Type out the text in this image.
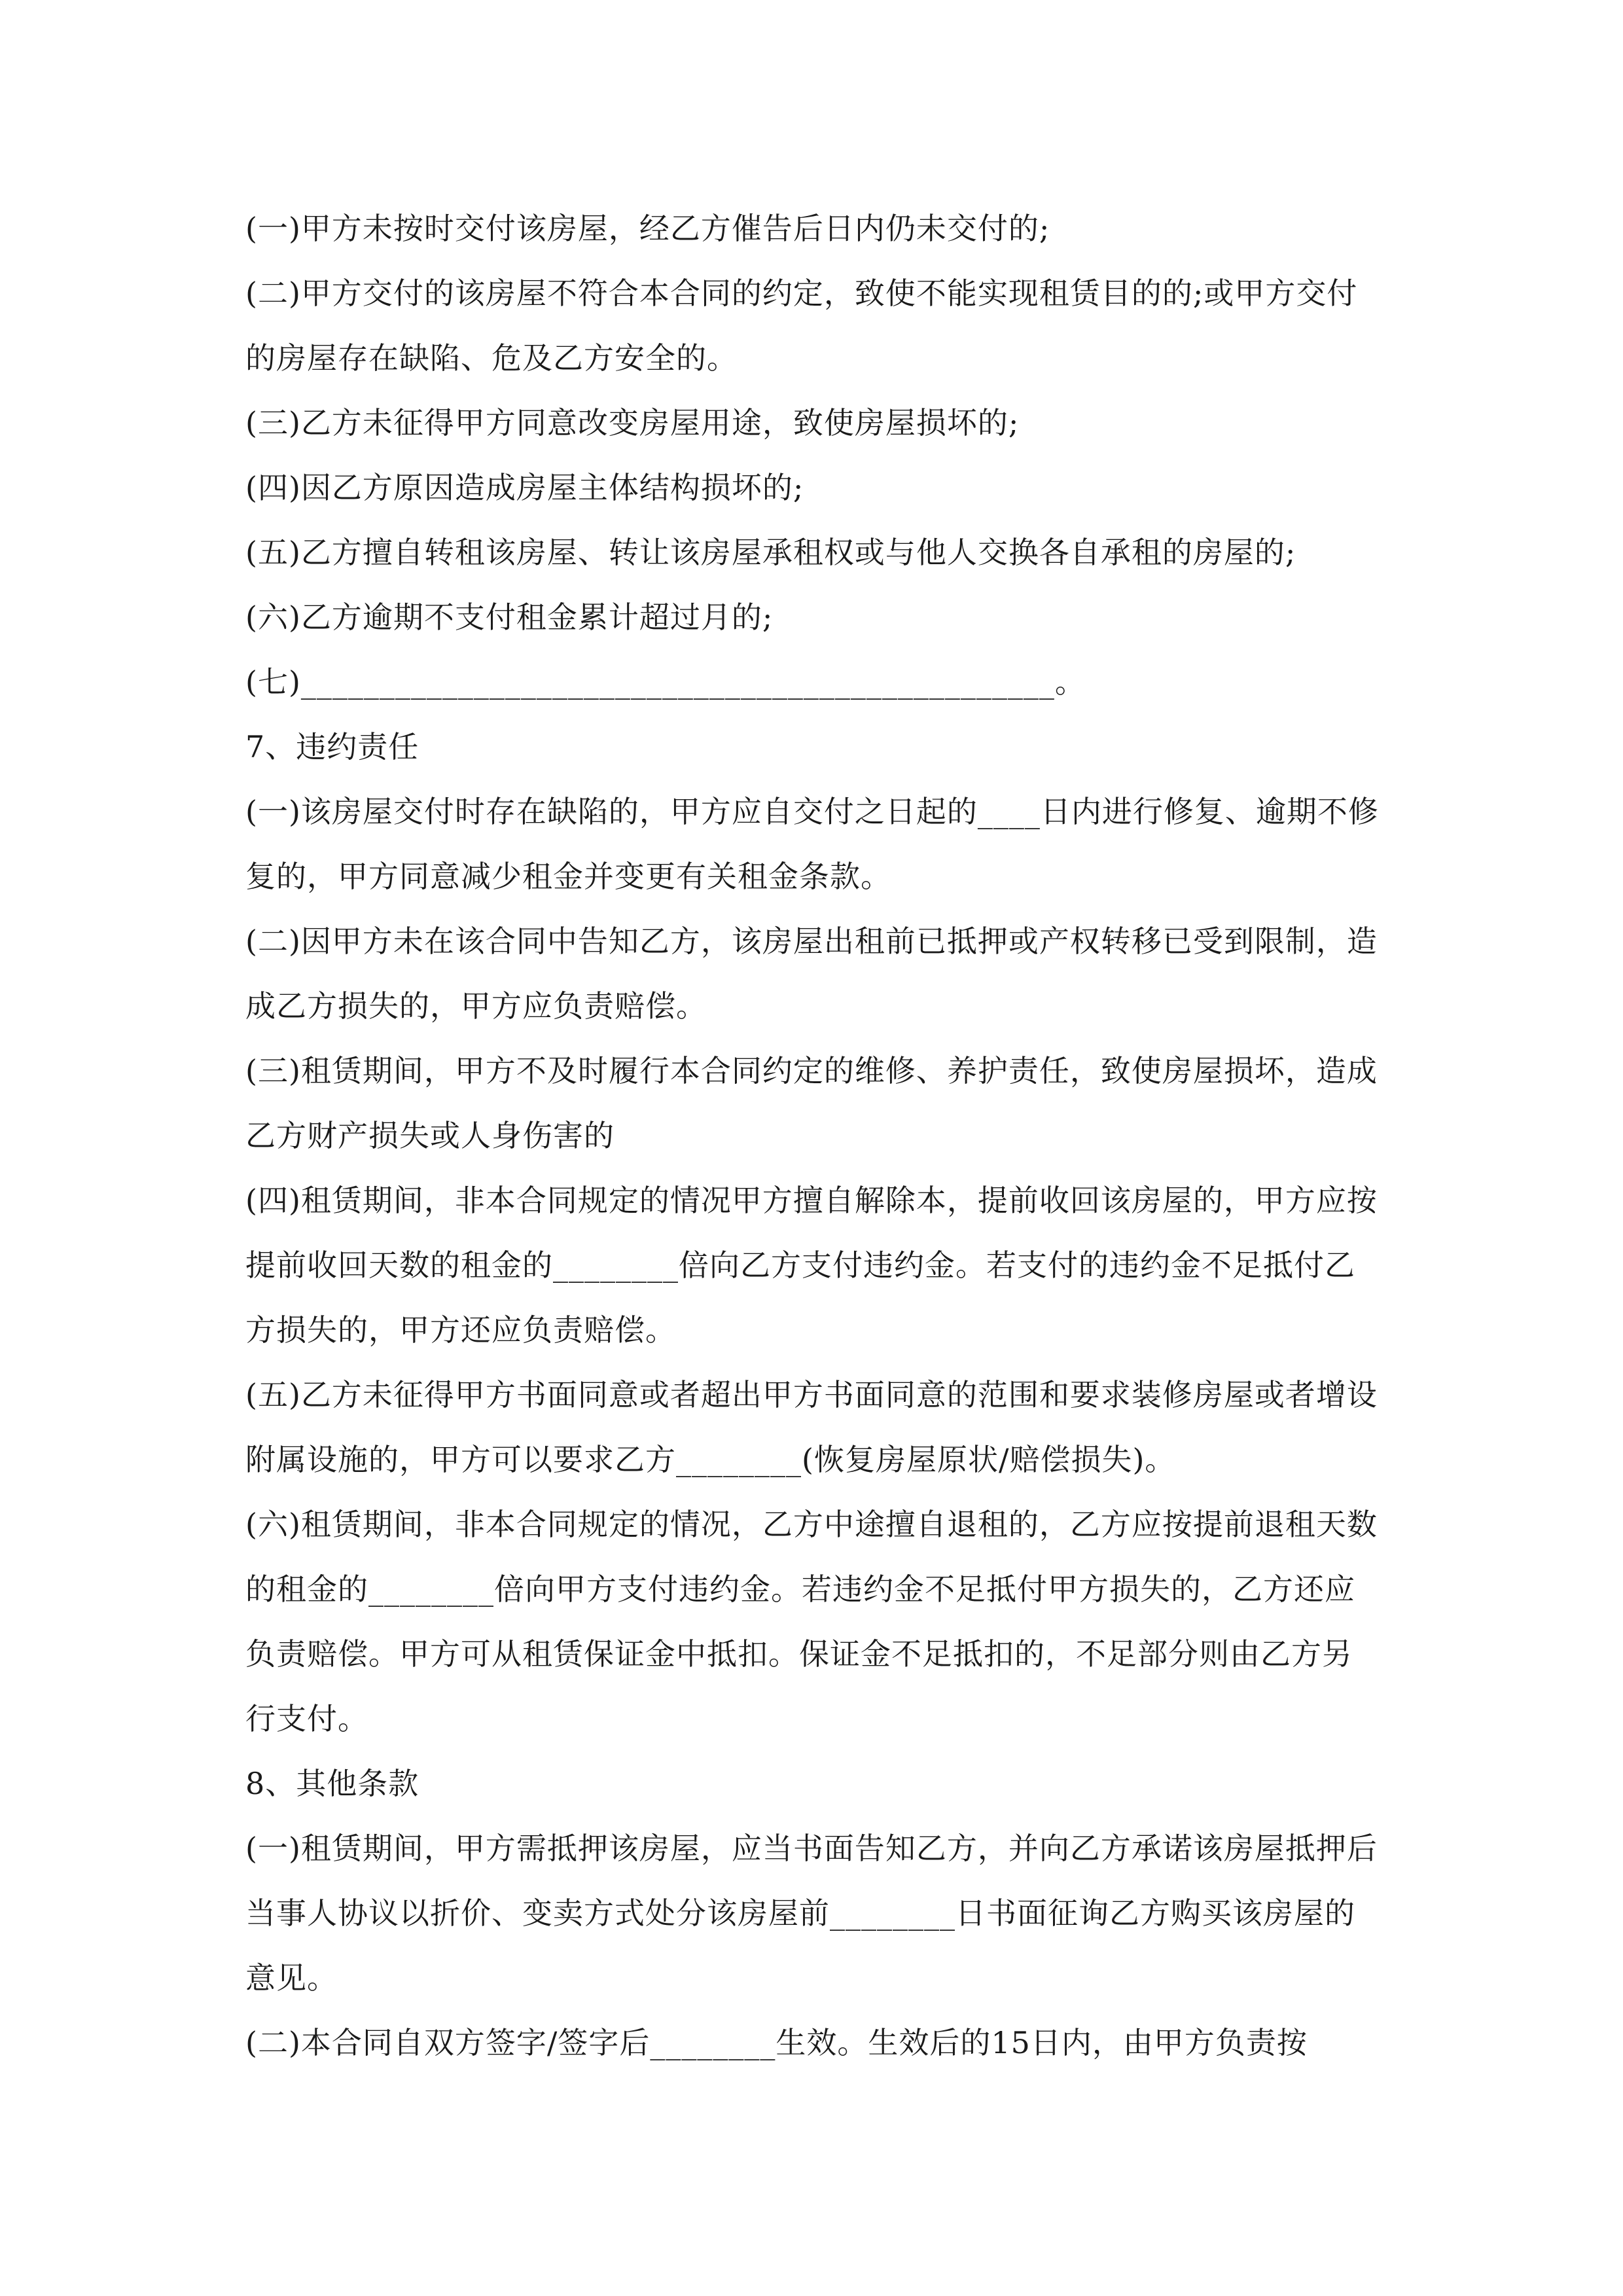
(一)甲方未按时交付该房屋，经乙方催告后日内仍未交付的;

(二)甲方交付的该房屋不符合本合同的约定，致使不能实现租赁目的的;或甲方交付的房屋存在缺陷、危及乙方安全的。

(三)乙方未征得甲方同意改变房屋用途，致使房屋损坏的;

(四)因乙方原因造成房屋主体结构损坏的;

(五)乙方擅自转租该房屋、转让该房屋承租权或与他人交换各自承租的房屋的;

(六)乙方逾期不支付租金累计超过月的;

(七)________________________________________________。

7、违约责任

(一)该房屋交付时存在缺陷的，甲方应自交付之日起的____日内进行修复、逾期不修复的，甲方同意减少租金并变更有关租金条款。

(二)因甲方未在该合同中告知乙方，该房屋出租前已抵押或产权转移已受到限制，造成乙方损失的，甲方应负责赔偿。

(三)租赁期间，甲方不及时履行本合同约定的维修、养护责任，致使房屋损坏，造成乙方财产损失或人身伤害的

(四)租赁期间，非本合同规定的情况甲方擅自解除本，提前收回该房屋的，甲方应按提前收回天数的租金的________倍向乙方支付违约金。若支付的违约金不足抵付乙方损失的，甲方还应负责赔偿。

(五)乙方未征得甲方书面同意或者超出甲方书面同意的范围和要求装修房屋或者增设附属设施的，甲方可以要求乙方________(恢复房屋原状/赔偿损失)。

(六)租赁期间，非本合同规定的情况，乙方中途擅自退租的，乙方应按提前退租天数的租金的________倍向甲方支付违约金。若违约金不足抵付甲方损失的，乙方还应负责赔偿。甲方可从租赁保证金中抵扣。保证金不足抵扣的，不足部分则由乙方另行支付。

8、其他条款

(一)租赁期间，甲方需抵押该房屋，应当书面告知乙方，并向乙方承诺该房屋抵押后当事人协议以折价、变卖方式处分该房屋前________日书面征询乙方购买该房屋的意见。

(二)本合同自双方签字/签字后________生效。生效后的15日内，由甲方负责按
